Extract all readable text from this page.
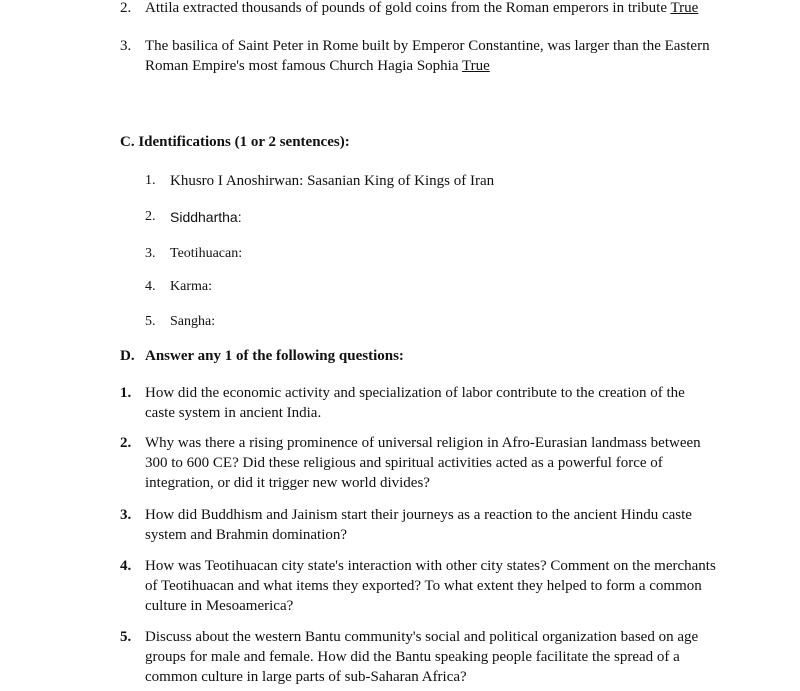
2. Attila extracted thousands of pounds of gold coins from the Roman emperors in tribute True
3. The basilica of Saint Peter in Rome built by Emperor Constantine, was larger than the Eastern Roman Empire's most famous Church Hagia Sophia True
C. Identifications (1 or 2 sentences):
1. Khusro I Anoshirwan: Sasanian King of Kings of Iran
2.	Siddhartha:
3.	Teotihuacan:
4.	Karma:
5.	Sangha:
D. Answer any 1 of the following questions:
1. How did the economic activity and specialization of labor contribute to the creation of the caste system in ancient India.
2. Why was there a rising prominence of universal religion in Afro-Eurasian landmass between 300 to 600 CE? Did these religious and spiritual activities acted as a powerful force of integration, or did it trigger new world divides?
3. How did Buddhism and Jainism start their journeys as a reaction to the ancient Hindu caste system and Brahmin domination?
4. How was Teotihuacan city state's interaction with other city states? Comment on the merchants of Teotihuacan and what items they exported? To what extent they helped to form a common culture in Mesoamerica?
5. Discuss about the western Bantu community's social and political organization based on age groups for male and female. How did the Bantu speaking people facilitate the spread of a common culture in large parts of sub-Saharan Africa?
